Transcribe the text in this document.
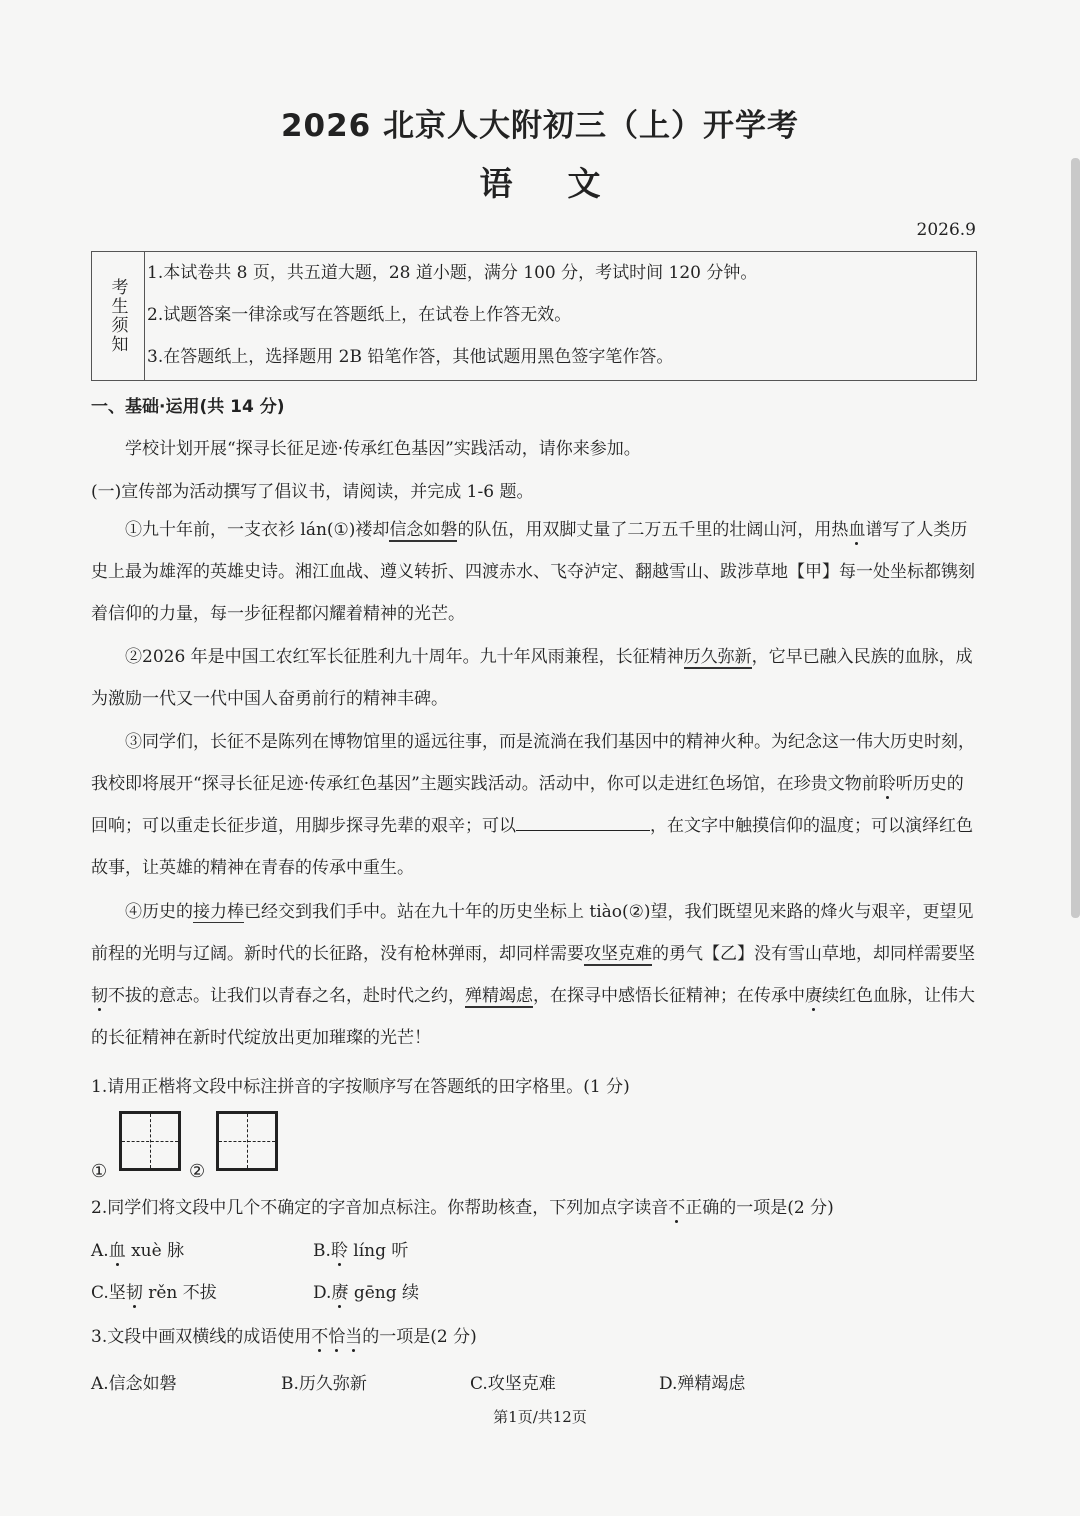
2026 北京人大附初三（上）开学考
语文
2026.9
考生须知
1.本试卷共 8 页，共五道大题，28 道小题，满分 100 分，考试时间 120 分钟。
2.试题答案一律涂或写在答题纸上，在试卷上作答无效。
3.在答题纸上，选择题用 2B 铅笔作答，其他试题用黑色签字笔作答。
一、基础·运用(共 14 分)
学校计划开展“探寻长征足迹·传承红色基因”实践活动，请你来参加。
(一)宣传部为活动撰写了倡议书，请阅读，并完成 1-6 题。
①九十年前，一支衣衫 lán(①)褛却信念如磐的队伍，用双脚丈量了二万五千里的壮阔山河，用热血谱写了人类历史上最为雄浑的英雄史诗。湘江血战、遵义转折、四渡赤水、飞夺泸定、翻越雪山、跋涉草地【甲】每一处坐标都镌刻着信仰的力量，每一步征程都闪耀着精神的光芒。
②2026 年是中国工农红军长征胜利九十周年。九十年风雨兼程，长征精神历久弥新，它早已融入民族的血脉，成为激励一代又一代中国人奋勇前行的精神丰碑。
③同学们，长征不是陈列在博物馆里的遥远往事，而是流淌在我们基因中的精神火种。为纪念这一伟大历史时刻，我校即将展开“探寻长征足迹·传承红色基因”主题实践活动。活动中，你可以走进红色场馆，在珍贵文物前聆听历史的回响；可以重走长征步道，用脚步探寻先辈的艰辛；可以	，在文字中触摸信仰的温度；可以演绎红色故事，让英雄的精神在青春的传承中重生。
④历史的接力棒已经交到我们手中。站在九十年的历史坐标上 tiào(②)望，我们既望见来路的烽火与艰辛，更望见前程的光明与辽阔。新时代的长征路，没有枪林弹雨，却同样需要攻坚克难的勇气【乙】没有雪山草地，却同样需要坚韧不拔的意志。让我们以青春之名，赴时代之约，殚精竭虑，在探寻中感悟长征精神；在传承中赓续红色血脉，让伟大的长征精神在新时代绽放出更加璀璨的光芒！
1.请用正楷将文段中标注拼音的字按顺序写在答题纸的田字格里。(1 分)
①	②
2.同学们将文段中几个不确定的字音加点标注。你帮助核查，下列加点字读音不正确的一项是(2 分)
A.血 xuè 脉	B.聆 líng 听
C.坚韧 rěn 不拔	D.赓 gēng 续
3.文段中画双横线的成语使用不恰当的一项是(2 分)
A.信念如磐	B.历久弥新	C.攻坚克难	D.殚精竭虑
第1页/共12页
